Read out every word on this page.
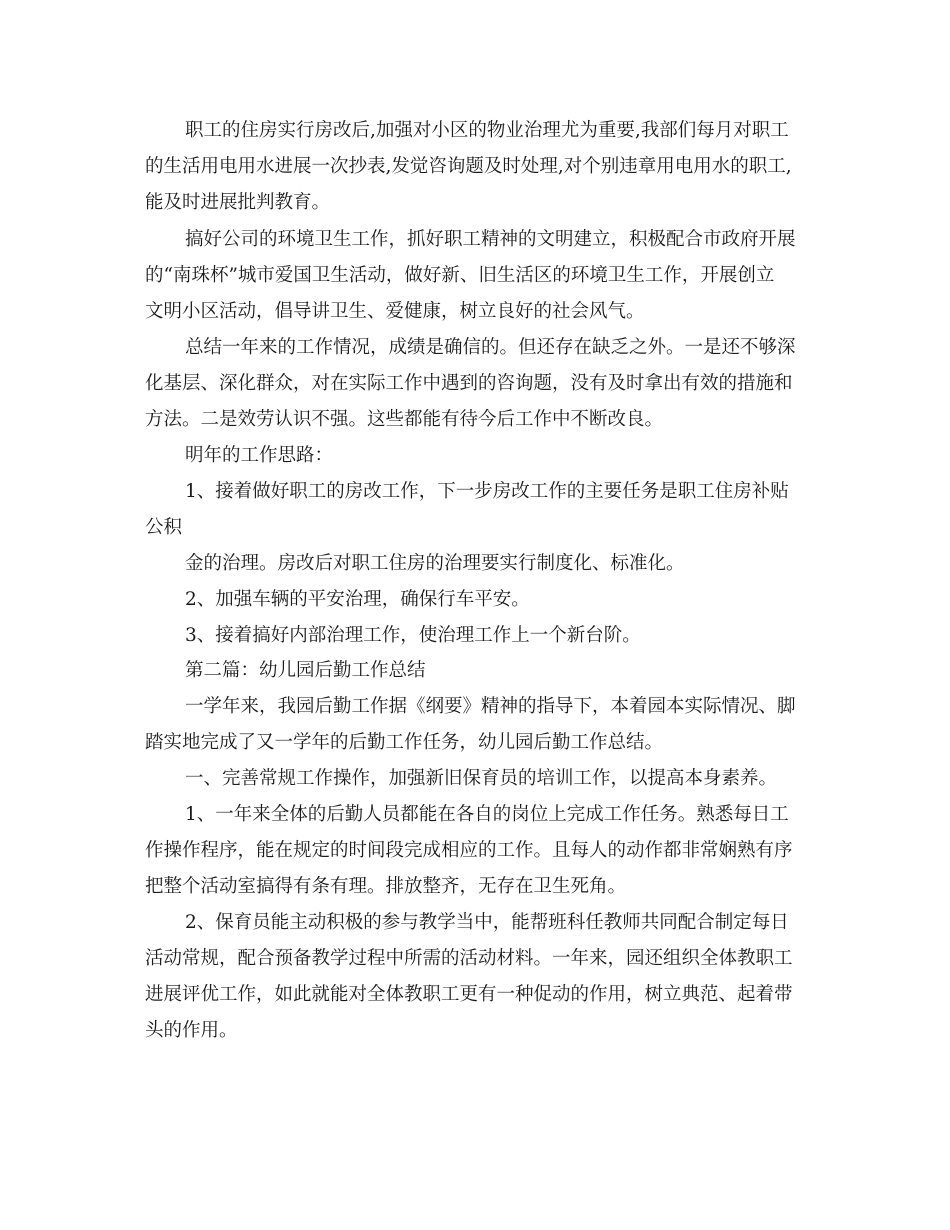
职工的住房实行房改后,加强对小区的物业治理尤为重要,我部们每月对职工
的生活用电用水进展一次抄表,发觉咨询题及时处理,对个别违章用电用水的职工,
能及时进展批判教育。
搞好公司的环境卫生工作，抓好职工精神的文明建立，积极配合市政府开展
的“南珠杯”城市爱国卫生活动，做好新、旧生活区的环境卫生工作，开展创立
文明小区活动，倡导讲卫生、爱健康，树立良好的社会风气。
总结一年来的工作情况，成绩是确信的。但还存在缺乏之外。一是还不够深
化基层、深化群众，对在实际工作中遇到的咨询题，没有及时拿出有效的措施和
方法。二是效劳认识不强。这些都能有待今后工作中不断改良。
明年的工作思路：
1、接着做好职工的房改工作，下一步房改工作的主要任务是职工住房补贴
公积
金的治理。房改后对职工住房的治理要实行制度化、标准化。
2、加强车辆的平安治理，确保行车平安。
3、接着搞好内部治理工作，使治理工作上一个新台阶。
第二篇：幼儿园后勤工作总结
一学年来，我园后勤工作据《纲要》精神的指导下，本着园本实际情况、脚
踏实地完成了又一学年的后勤工作任务，幼儿园后勤工作总结。
一、完善常规工作操作，加强新旧保育员的培训工作，以提高本身素养。
1、一年来全体的后勤人员都能在各自的岗位上完成工作任务。熟悉每日工
作操作程序，能在规定的时间段完成相应的工作。且每人的动作都非常娴熟有序
把整个活动室搞得有条有理。排放整齐，无存在卫生死角。
2、保育员能主动积极的参与教学当中，能帮班科任教师共同配合制定每日
活动常规，配合预备教学过程中所需的活动材料。一年来，园还组织全体教职工
进展评优工作，如此就能对全体教职工更有一种促动的作用，树立典范、起着带
头的作用。
